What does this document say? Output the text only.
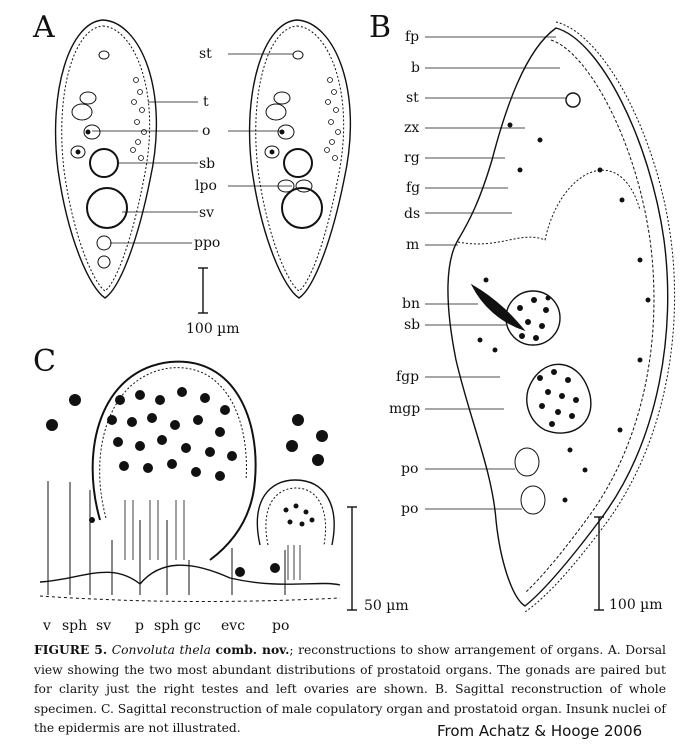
A	B
C
st
t
o
sb
lpo
sv
ppo
100 µm
fp
b
st
zx
rg
fg
ds
m
bn
sb
fgp
mgp
po
po
100 µm
v sph sv p sph gc evc po
50 µm
FIGURE 5. Convoluta thela comb. nov.; reconstructions to show arrangement of organs. A. Dorsal view showing the two most abundant distributions of prostatoid organs. The gonads are paired but for clarity just the right testes and left ovaries are shown. B. Sagittal reconstruction of whole specimen. C. Sagittal reconstruction of male copulatory organ and prostatoid organ. Insunk nuclei of the epidermis are not illustrated.	From Achatz & Hooge 2006
